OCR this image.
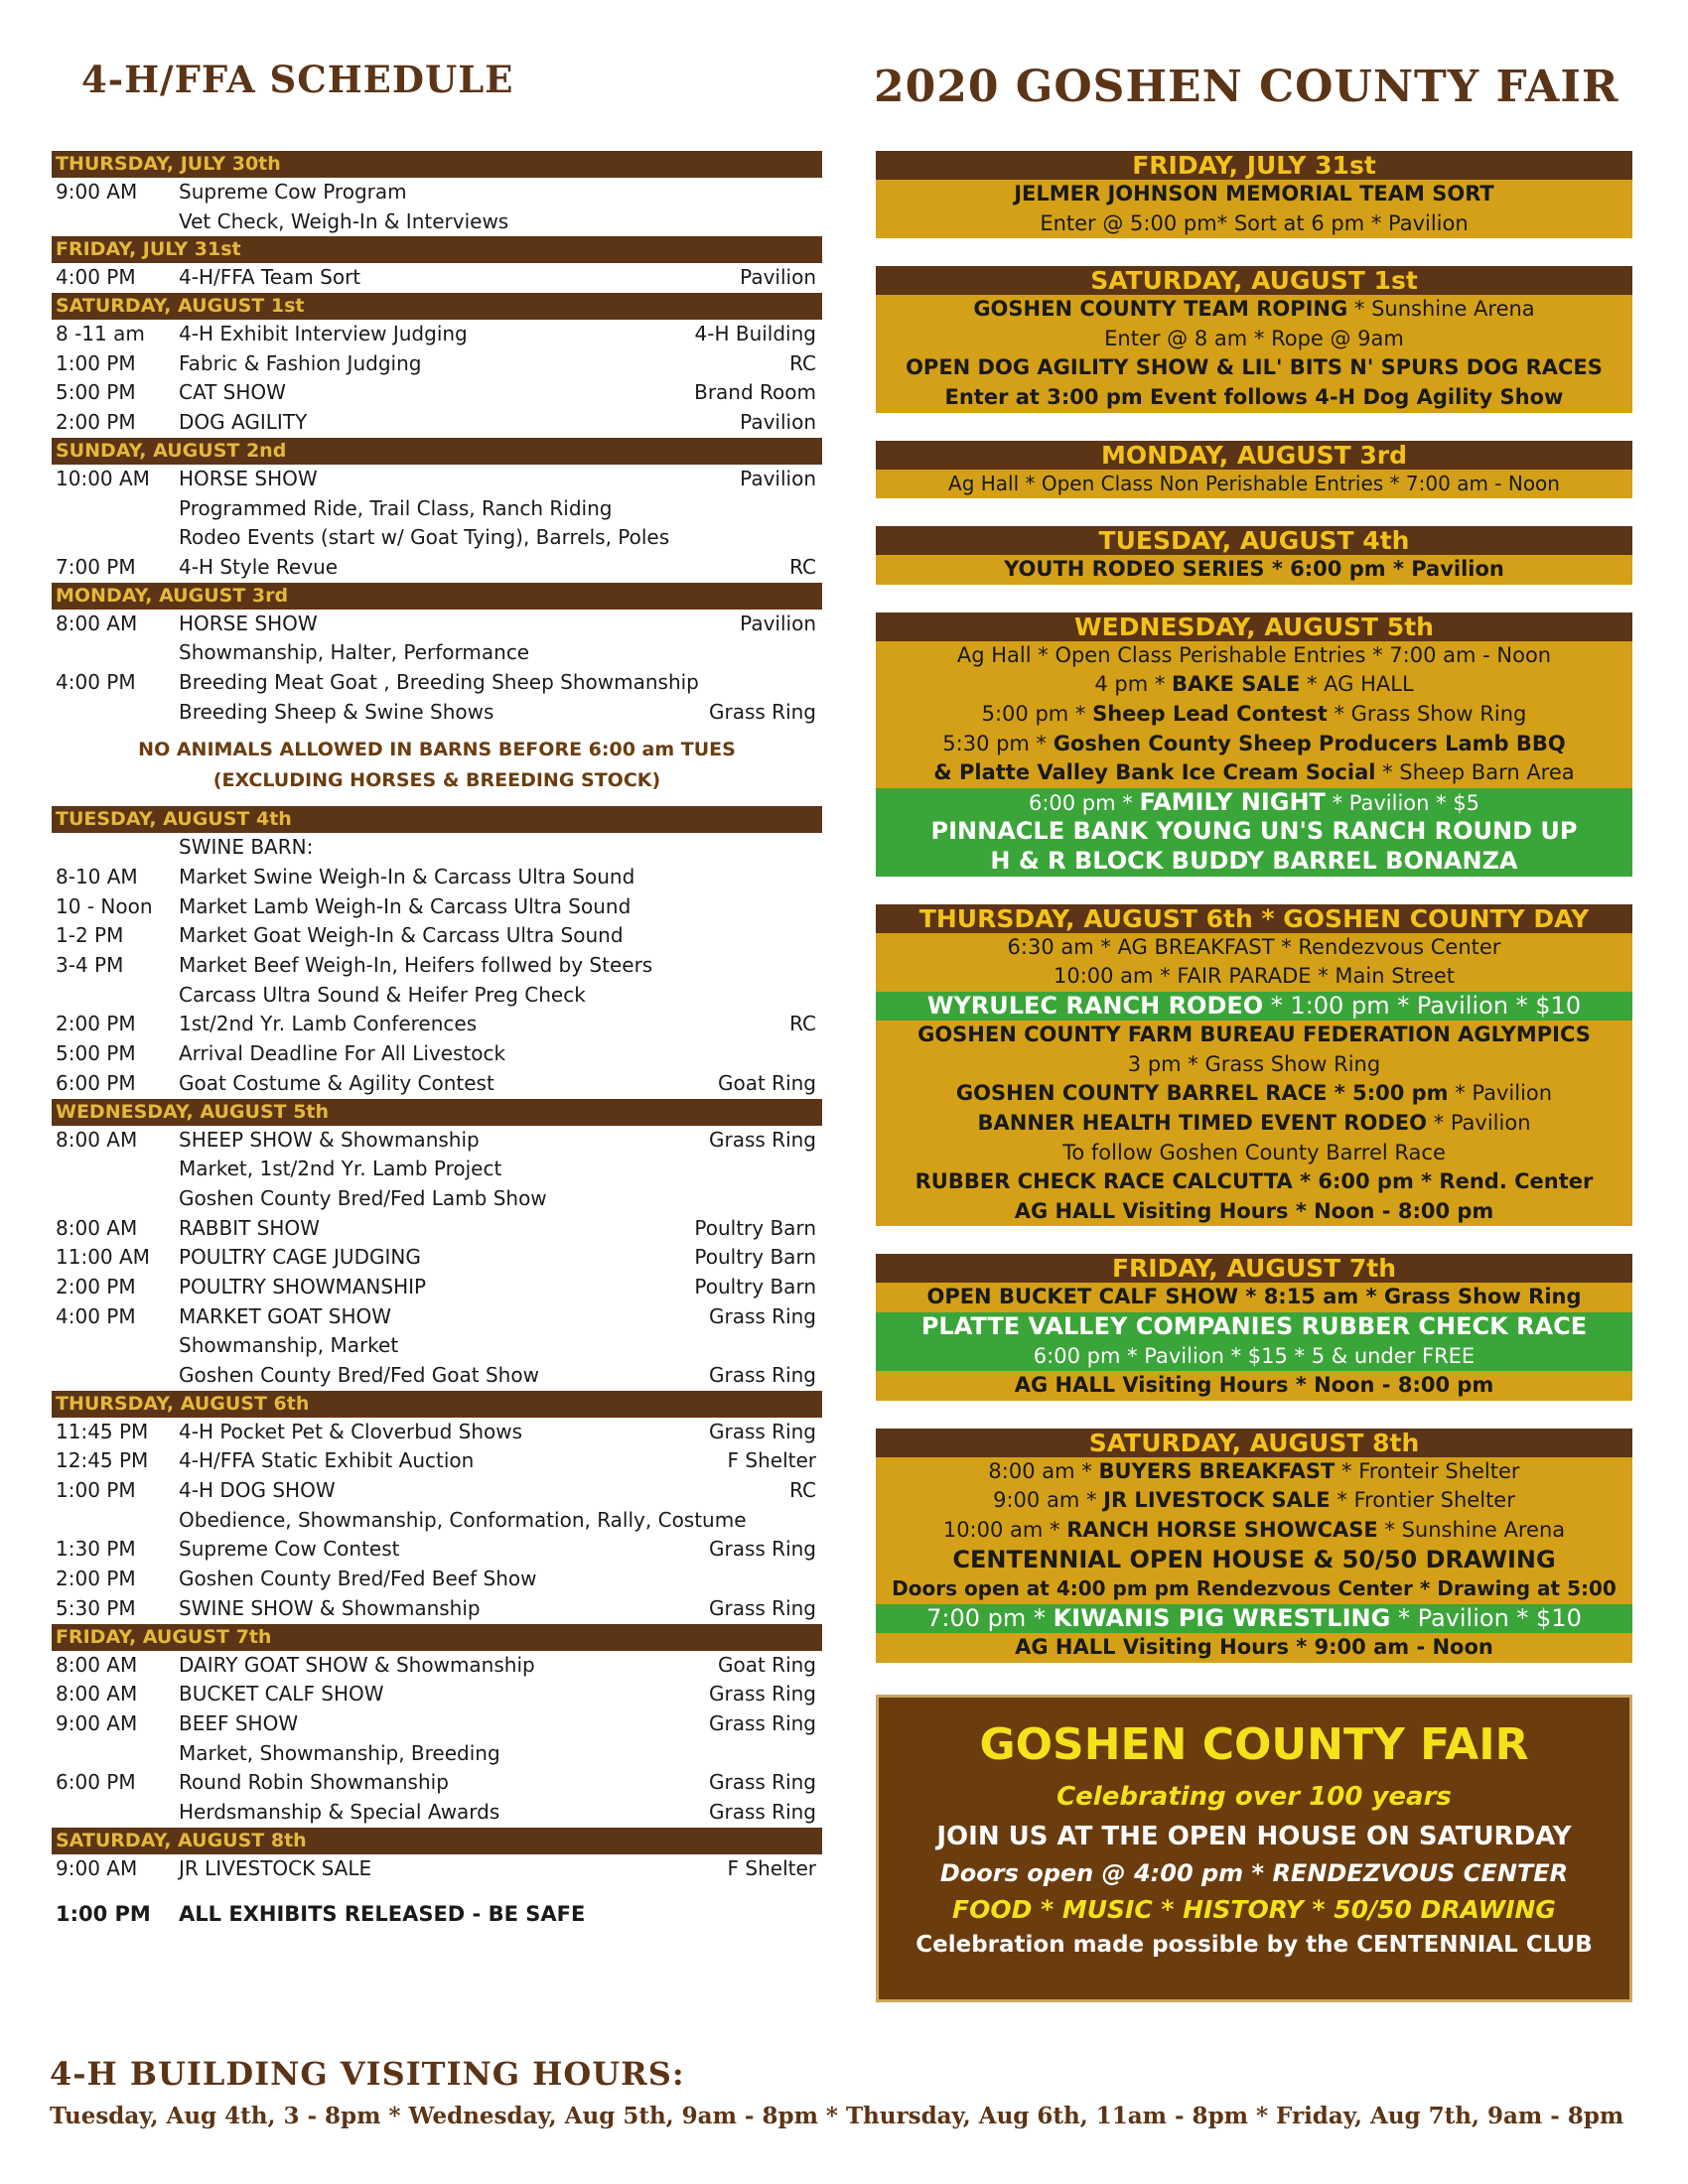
4-H/FFA SCHEDULE	2020 GOSHEN COUNTY FAIR
THURSDAY, JULY 30th
9:00 AM Supreme Cow Program
Vet Check, Weigh-In & Interviews
FRIDAY, JULY 31st
4:00 PM 4-H/FFA Team Sort	Pavilion
SATURDAY, AUGUST 1st
8 -11 am 4-H Exhibit Interview Judging	4-H Building
1:00 PM Fabric & Fashion Judging	RC
5:00 PM CAT SHOW	Brand Room
2:00 PM DOG AGILITY	Pavilion
SUNDAY, AUGUST 2nd
10:00 AM HORSE SHOW	Pavilion
Programmed Ride, Trail Class, Ranch Riding
Rodeo Events (start w/ Goat Tying), Barrels, Poles
7:00 PM 4-H Style Revue	RC
MONDAY, AUGUST 3rd
8:00 AM HORSE SHOW	Pavilion
Showmanship, Halter, Performance
4:00 PM Breeding Meat Goat , Breeding Sheep Showmanship
Breeding Sheep & Swine Shows	Grass Ring
NO ANIMALS ALLOWED IN BARNS BEFORE 6:00 am TUES
(EXCLUDING HORSES & BREEDING STOCK)
TUESDAY, AUGUST 4th
SWINE BARN:
8-10 AM Market Swine Weigh-In & Carcass Ultra Sound
10 - Noon Market Lamb Weigh-In & Carcass Ultra Sound
1-2 PM	Market Goat Weigh-In & Carcass Ultra Sound
3-4 PM	Market Beef Weigh-In, Heifers follwed by Steers
Carcass Ultra Sound & Heifer Preg Check
2:00 PM 1st/2nd Yr. Lamb Conferences	RC
5:00 PM Arrival Deadline For All Livestock
6:00 PM Goat Costume & Agility Contest	Goat Ring
WEDNESDAY, AUGUST 5th
8:00 AM SHEEP SHOW & Showmanship	Grass Ring
Market, 1st/2nd Yr. Lamb Project
Goshen County Bred/Fed Lamb Show
8:00 AM RABBIT SHOW	Poultry Barn
11:00 AM POULTRY CAGE JUDGING	Poultry Barn
2:00 PM POULTRY SHOWMANSHIP	Poultry Barn
4:00 PM MARKET GOAT SHOW	Grass Ring
Showmanship, Market
Goshen County Bred/Fed Goat Show	Grass Ring
THURSDAY, AUGUST 6th
11:45 PM 4-H Pocket Pet & Cloverbud Shows	Grass Ring
12:45 PM 4-H/FFA Static Exhibit Auction	F Shelter
1:00 PM 4-H DOG SHOW	RC
Obedience, Showmanship, Conformation, Rally, Costume
1:30 PM Supreme Cow Contest	Grass Ring
2:00 PM Goshen County Bred/Fed Beef Show
5:30 PM SWINE SHOW & Showmanship	Grass Ring
FRIDAY, AUGUST 7th
8:00 AM DAIRY GOAT SHOW & Showmanship	Goat Ring
8:00 AM BUCKET CALF SHOW	Grass Ring
9:00 AM BEEF SHOW	Grass Ring
Market, Showmanship, Breeding
6:00 PM Round Robin Showmanship	Grass Ring
Herdsmanship & Special Awards	Grass Ring
SATURDAY, AUGUST 8th
9:00 AM JR LIVESTOCK SALE	F Shelter
1:00 PM ALL EXHIBITS RELEASED - BE SAFE
FRIDAY, JULY 31st
JELMER JOHNSON MEMORIAL TEAM SORT
Enter @ 5:00 pm* Sort at 6 pm * Pavilion
SATURDAY, AUGUST 1st
GOSHEN COUNTY TEAM ROPING * Sunshine Arena
Enter @ 8 am * Rope @ 9am
OPEN DOG AGILITY SHOW & LIL' BITS N' SPURS DOG RACES
Enter at 3:00 pm Event follows 4-H Dog Agility Show
MONDAY, AUGUST 3rd
Ag Hall * Open Class Non Perishable Entries * 7:00 am - Noon
TUESDAY, AUGUST 4th
YOUTH RODEO SERIES * 6:00 pm * Pavilion
WEDNESDAY, AUGUST 5th
Ag Hall * Open Class Perishable Entries * 7:00 am - Noon
4 pm * BAKE SALE * AG HALL
5:00 pm * Sheep Lead Contest * Grass Show Ring
5:30 pm * Goshen County Sheep Producers Lamb BBQ
& Platte Valley Bank Ice Cream Social * Sheep Barn Area
6:00 pm * FAMILY NIGHT * Pavilion * $5
PINNACLE BANK YOUNG UN'S RANCH ROUND UP
H & R BLOCK BUDDY BARREL BONANZA
THURSDAY, AUGUST 6th * GOSHEN COUNTY DAY
6:30 am * AG BREAKFAST * Rendezvous Center
10:00 am * FAIR PARADE * Main Street
WYRULEC RANCH RODEO * 1:00 pm * Pavilion * $10
GOSHEN COUNTY FARM BUREAU FEDERATION AGLYMPICS
3 pm * Grass Show Ring
GOSHEN COUNTY BARREL RACE * 5:00 pm * Pavilion
BANNER HEALTH TIMED EVENT RODEO * Pavilion
To follow Goshen County Barrel Race
RUBBER CHECK RACE CALCUTTA * 6:00 pm * Rend. Center
AG HALL Visiting Hours * Noon - 8:00 pm
FRIDAY, AUGUST 7th
OPEN BUCKET CALF SHOW * 8:15 am * Grass Show Ring
PLATTE VALLEY COMPANIES RUBBER CHECK RACE
6:00 pm * Pavilion * $15 * 5 & under FREE
AG HALL Visiting Hours * Noon - 8:00 pm
SATURDAY, AUGUST 8th
8:00 am * BUYERS BREAKFAST * Fronteir Shelter
9:00 am * JR LIVESTOCK SALE * Frontier Shelter
10:00 am * RANCH HORSE SHOWCASE * Sunshine Arena
CENTENNIAL OPEN HOUSE & 50/50 DRAWING
Doors open at 4:00 pm pm Rendezvous Center * Drawing at 5:00
7:00 pm * KIWANIS PIG WRESTLING * Pavilion * $10
AG HALL Visiting Hours * 9:00 am - Noon
GOSHEN COUNTY FAIR
Celebrating over 100 years
JOIN US AT THE OPEN HOUSE ON SATURDAY
Doors open @ 4:00 pm * RENDEZVOUS CENTER
FOOD * MUSIC * HISTORY * 50/50 DRAWING
Celebration made possible by the CENTENNIAL CLUB
4-H BUILDING VISITING HOURS:
Tuesday, Aug 4th, 3 - 8pm * Wednesday, Aug 5th, 9am - 8pm * Thursday, Aug 6th, 11am - 8pm * Friday, Aug 7th, 9am - 8pm
